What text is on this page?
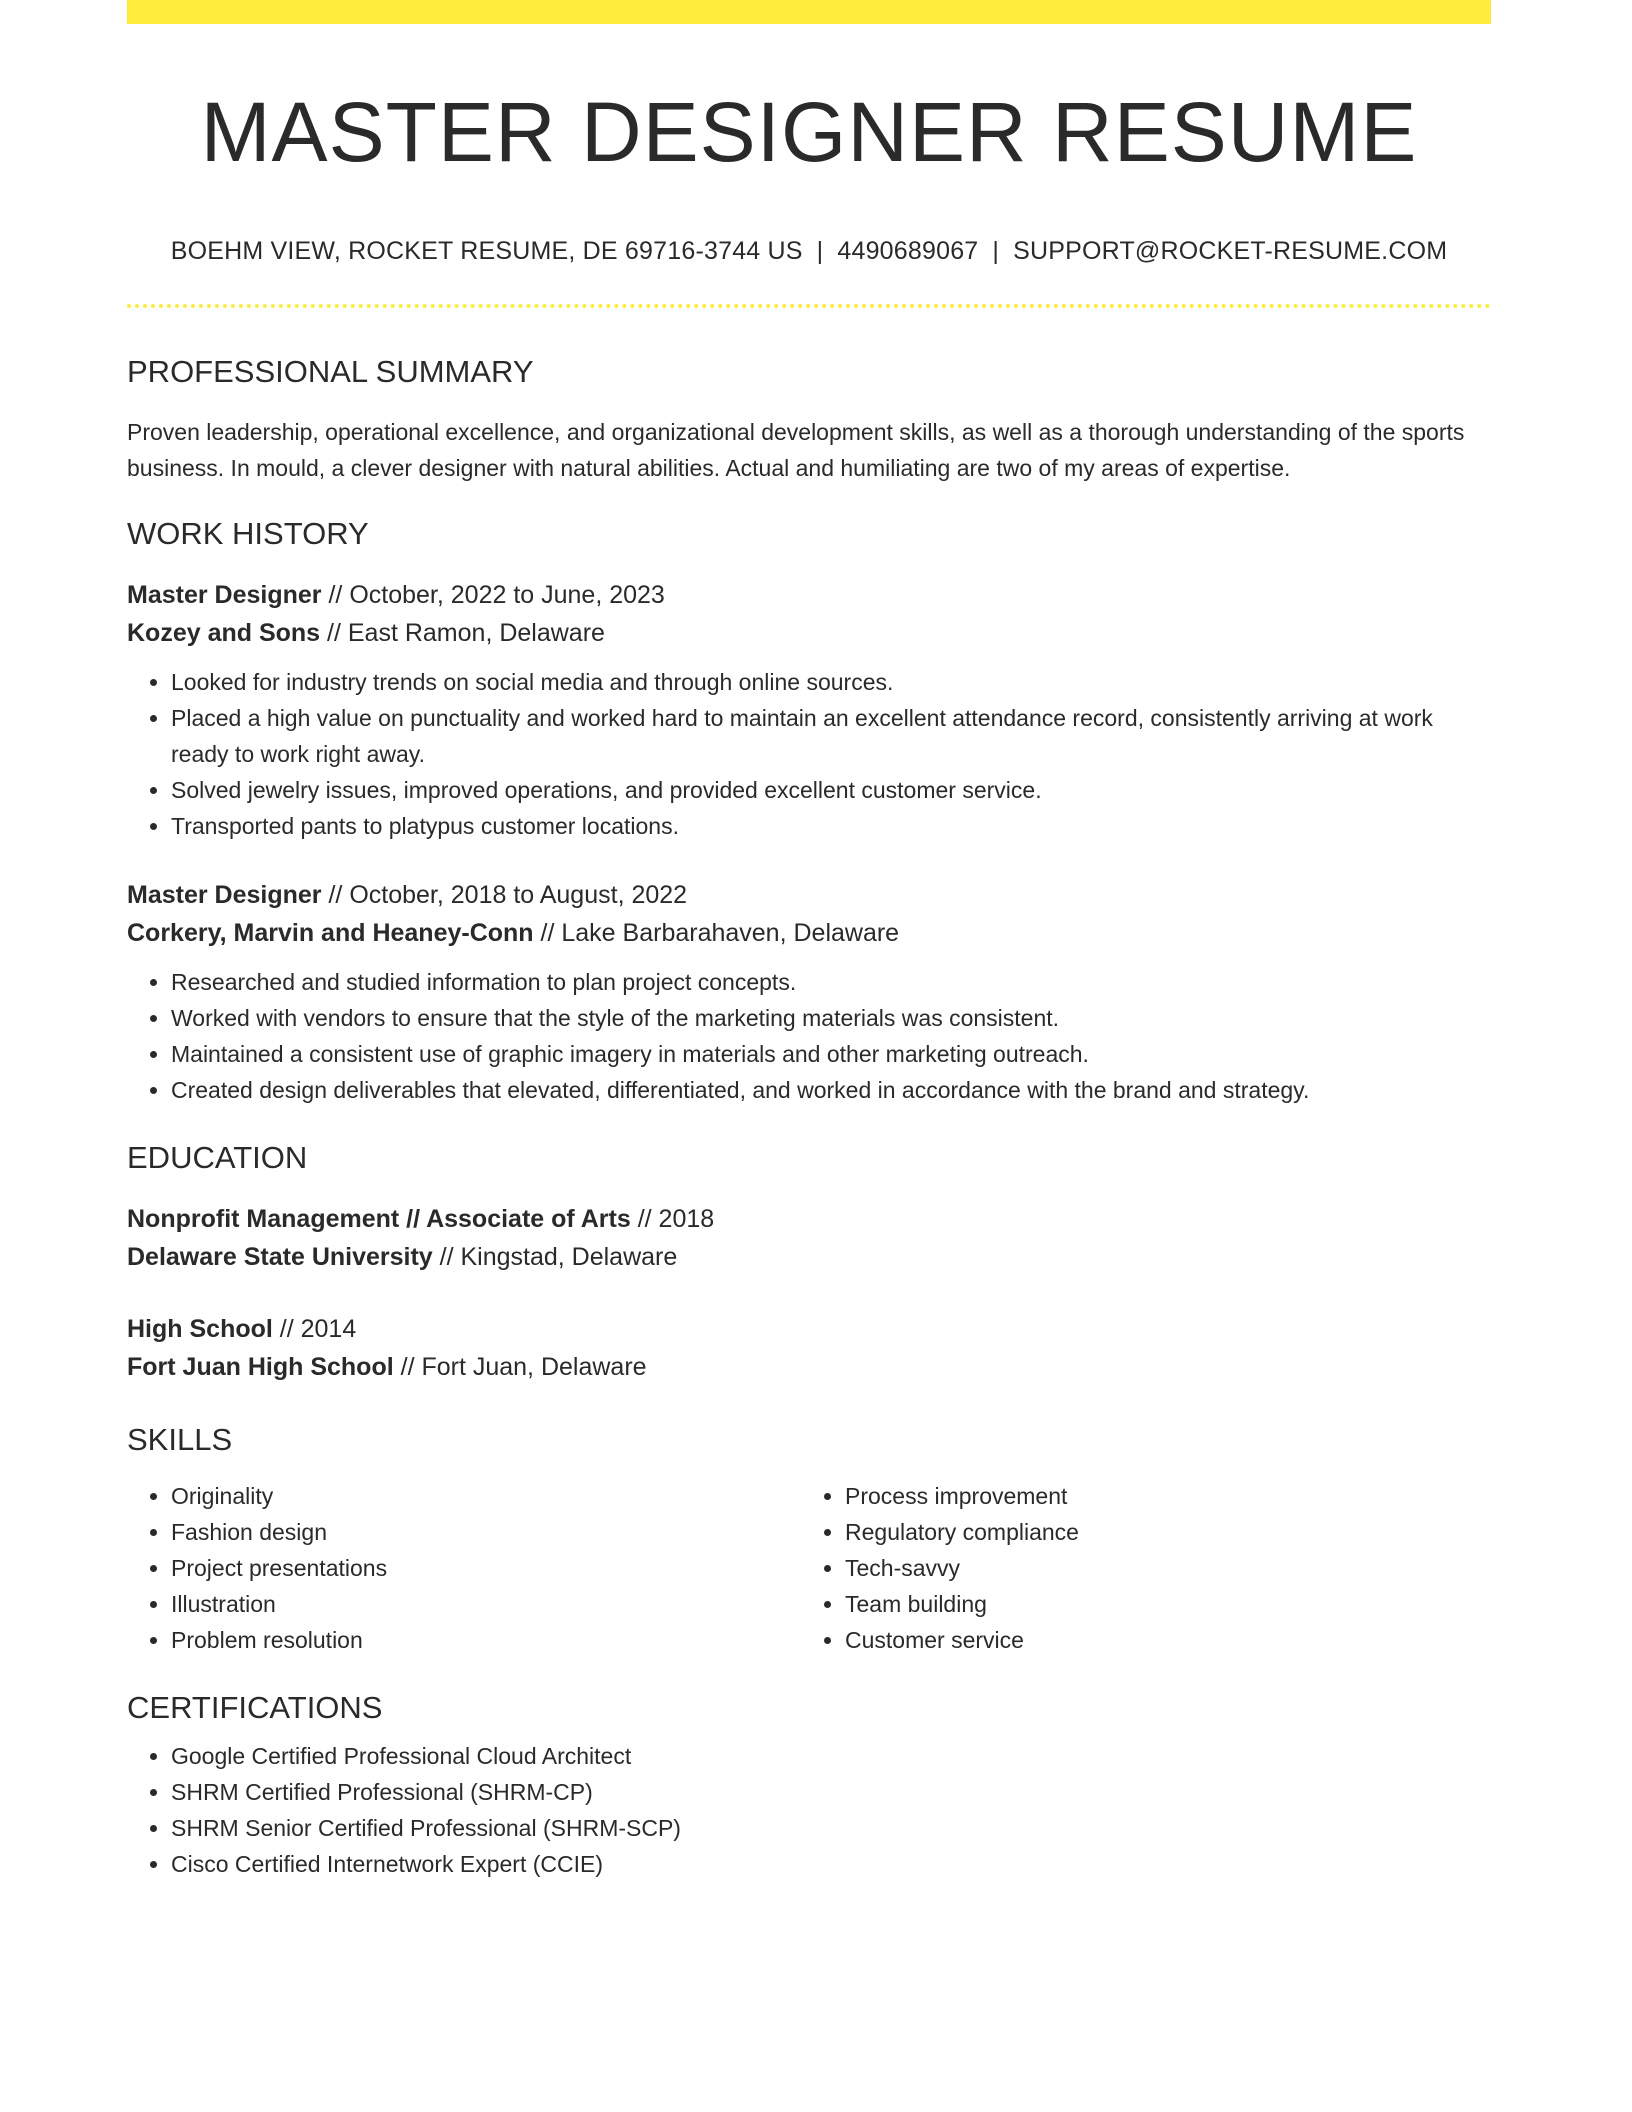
MASTER DESIGNER RESUME
BOEHM VIEW, ROCKET RESUME, DE 69716-3744 US | 4490689067 | SUPPORT@ROCKET-RESUME.COM
PROFESSIONAL SUMMARY
Proven leadership, operational excellence, and organizational development skills, as well as a thorough understanding of the sports business. In mould, a clever designer with natural abilities. Actual and humiliating are two of my areas of expertise.
WORK HISTORY
Master Designer // October, 2022 to June, 2023
Kozey and Sons // East Ramon, Delaware
• Looked for industry trends on social media and through online sources.
• Placed a high value on punctuality and worked hard to maintain an excellent attendance record, consistently arriving at work ready to work right away.
• Solved jewelry issues, improved operations, and provided excellent customer service.
• Transported pants to platypus customer locations.
Master Designer // October, 2018 to August, 2022
Corkery, Marvin and Heaney-Conn // Lake Barbarahaven, Delaware
• Researched and studied information to plan project concepts.
• Worked with vendors to ensure that the style of the marketing materials was consistent.
• Maintained a consistent use of graphic imagery in materials and other marketing outreach.
• Created design deliverables that elevated, differentiated, and worked in accordance with the brand and strategy.
EDUCATION
Nonprofit Management // Associate of Arts // 2018
Delaware State University // Kingstad, Delaware
High School // 2014
Fort Juan High School // Fort Juan, Delaware
SKILLS
• Originality
• Fashion design
• Project presentations
• Illustration
• Problem resolution
• Process improvement
• Regulatory compliance
• Tech-savvy
• Team building
• Customer service
CERTIFICATIONS
• Google Certified Professional Cloud Architect
• SHRM Certified Professional (SHRM-CP)
• SHRM Senior Certified Professional (SHRM-SCP)
• Cisco Certified Internetwork Expert (CCIE)
